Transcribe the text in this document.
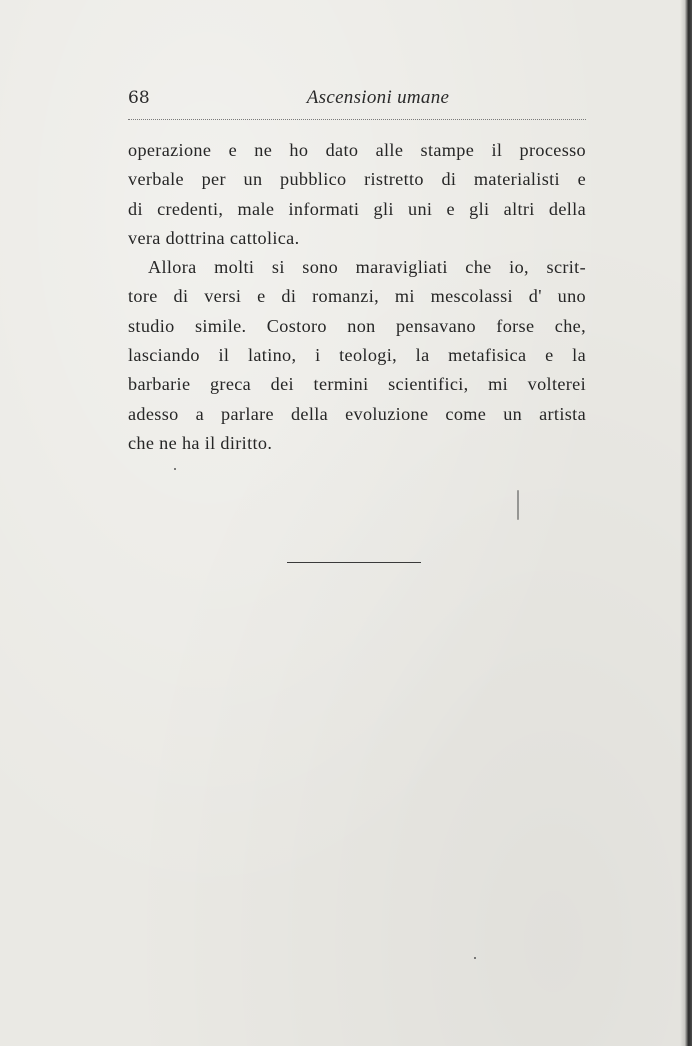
68	Ascensioni umane

operazione e ne ho dato alle stampe il processo
verbale per un pubblico ristretto di materialisti e
di credenti, male informati gli uni e gli altri della
vera dottrina cattolica.

Allora molti si sono maravigliati che io, scrit-
tore di versi e di romanzi, mi mescolassi d' uno
studio simile. Costoro non pensavano forse che,
lasciando il latino, i teologi, la metafisica e la
barbarie greca dei termini scientifici, mi volterei
adesso a parlare della evoluzione come un artista
che ne ha il diritto.
